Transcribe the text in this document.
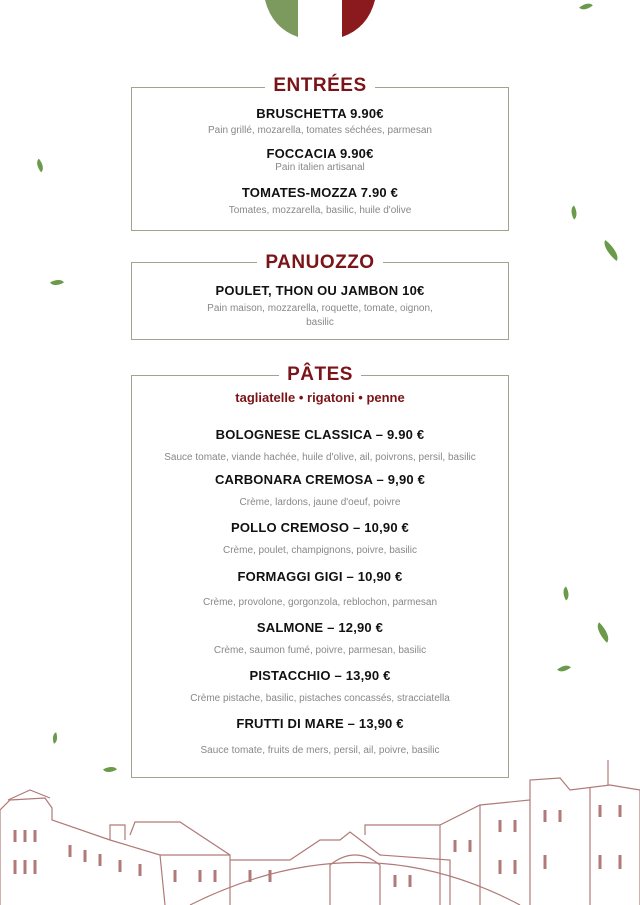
ENTRÉES
BRUSCHETTA 9.90€
Pain grillé, mozarella, tomates séchées, parmesan
FOCCACIA 9.90€
Pain italien artisanal
TOMATES-MOZZA 7.90 €
Tomates, mozzarella, basilic, huile d'olive
PANUOZZO
POULET, THON OU JAMBON 10€
Pain maison, mozzarella, roquette, tomate, oignon, basilic
PÂTES
tagliatelle • rigatoni • penne
BOLOGNESE CLASSICA – 9.90 €
Sauce tomate, viande hachée, huile d'olive, ail, poivrons, persil, basilic
CARBONARA CREMOSA – 9,90 €
Crème, lardons, jaune d'oeuf, poivre
POLLO CREMOSO – 10,90 €
Crème, poulet, champignons, poivre, basilic
FORMAGGI GIGI – 10,90 €
Crème, provolone, gorgonzola, reblochon, parmesan
SALMONE – 12,90 €
Crème, saumon fumé, poivre, parmesan, basilic
PISTACCHIO – 13,90 €
Crème pistache, basilic, pistaches concassés, stracciatella
FRUTTI DI MARE – 13,90 €
Sauce tomate, fruits de mers, persil, ail, poivre, basilic
